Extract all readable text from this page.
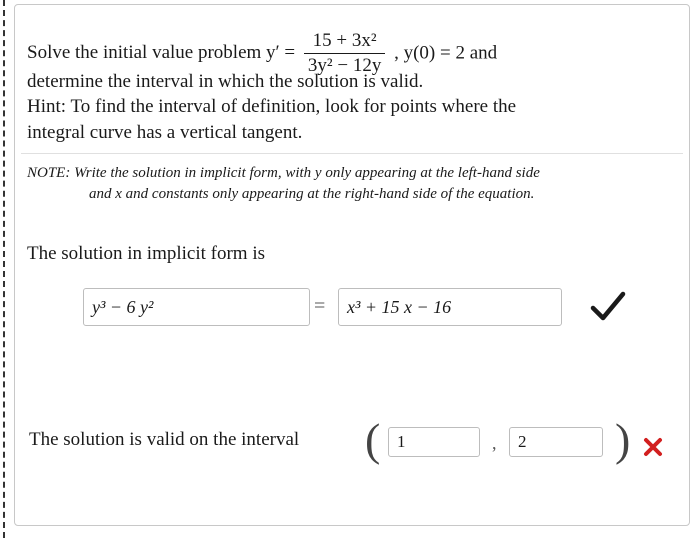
Solve the initial value problem $y' = \frac{\text{15 + 3x²}}{\text{3y² − 12y}}$ , y(0) = 2 and
determine the interval in which the solution is valid.
Hint: To find the interval of definition, look for points where the
integral curve has a vertical tangent.
NOTE: Write the solution in implicit form, with y only appearing at the left-hand side
and x and constants only appearing at the right-hand side of the equation.
The solution in implicit form is
y³ − 6 y²	=	x³ + 15 x − 16
The solution is valid on the interval ( 1	,	2	)
